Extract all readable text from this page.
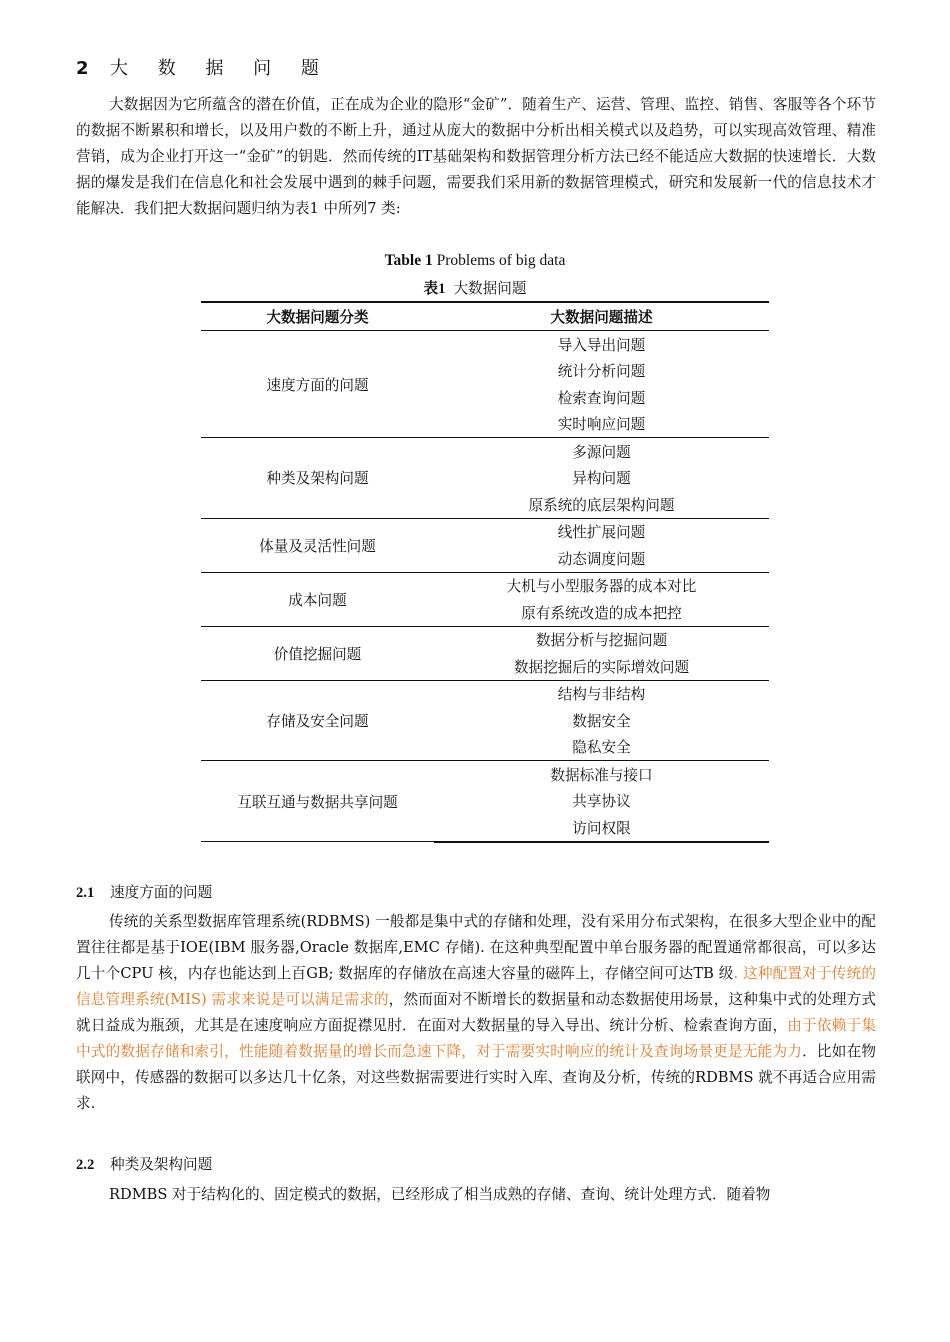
2 大 数 据 问 题

大数据因为它所蕴含的潜在价值，正在成为企业的隐形“金矿”．随着生产、运营、管理、监控、销售、客服等各个环节的数据不断累积和增长，以及用户数的不断上升，通过从庞大的数据中分析出相关模式以及趋势，可以实现高效管理、精准营销，成为企业打开这一“金矿”的钥匙．然而传统的IT基础架构和数据管理分析方法已经不能适应大数据的快速增长．大数据的爆发是我们在信息化和社会发展中遇到的棘手问题，需要我们采用新的数据管理模式，研究和发展新一代的信息技术才能解决．我们把大数据问题归纳为表1 中所列7 类:

Table 1 Problems of big data
表1 大数据问题
大数据问题分类	大数据问题描述
速度方面的问题	导入导出问题
	统计分析问题
	检索查询问题
	实时响应问题
种类及架构问题	多源问题
	异构问题
	原系统的底层架构问题
体量及灵活性问题	线性扩展问题
	动态调度问题
成本问题	大机与小型服务器的成本对比
	原有系统改造的成本把控
价值挖掘问题	数据分析与挖掘问题
	数据挖掘后的实际增效问题
存储及安全问题	结构与非结构
	数据安全
	隐私安全
互联互通与数据共享问题	数据标准与接口
	共享协议
	访问权限
2.1 速度方面的问题

传统的关系型数据库管理系统(RDBMS) 一般都是集中式的存储和处理，没有采用分布式架构，在很多大型企业中的配置往往都是基于IOE(IBM 服务器,Oracle 数据库,EMC 存储). 在这种典型配置中单台服务器的配置通常都很高，可以多达几十个CPU 核，内存也能达到上百GB; 数据库的存储放在高速大容量的磁阵上，存储空间可达TB 级. 这种配置对于传统的信息管理系统(MIS) 需求来说是可以满足需求的，然而面对不断增长的数据量和动态数据使用场景，这种集中式的处理方式就日益成为瓶颈，尤其是在速度响应方面捉襟见肘．在面对大数据量的导入导出、统计分析、检索查询方面，由于依赖于集中式的数据存储和索引，性能随着数据量的增长而急速下降，对于需要实时响应的统计及查询场景更是无能为力．比如在物联网中，传感器的数据可以多达几十亿条，对这些数据需要进行实时入库、查询及分析，传统的RDBMS 就不再适合应用需求.

2.2 种类及架构问题

RDMBS 对于结构化的、固定模式的数据，已经形成了相当成熟的存储、查询、统计处理方式．随着物
